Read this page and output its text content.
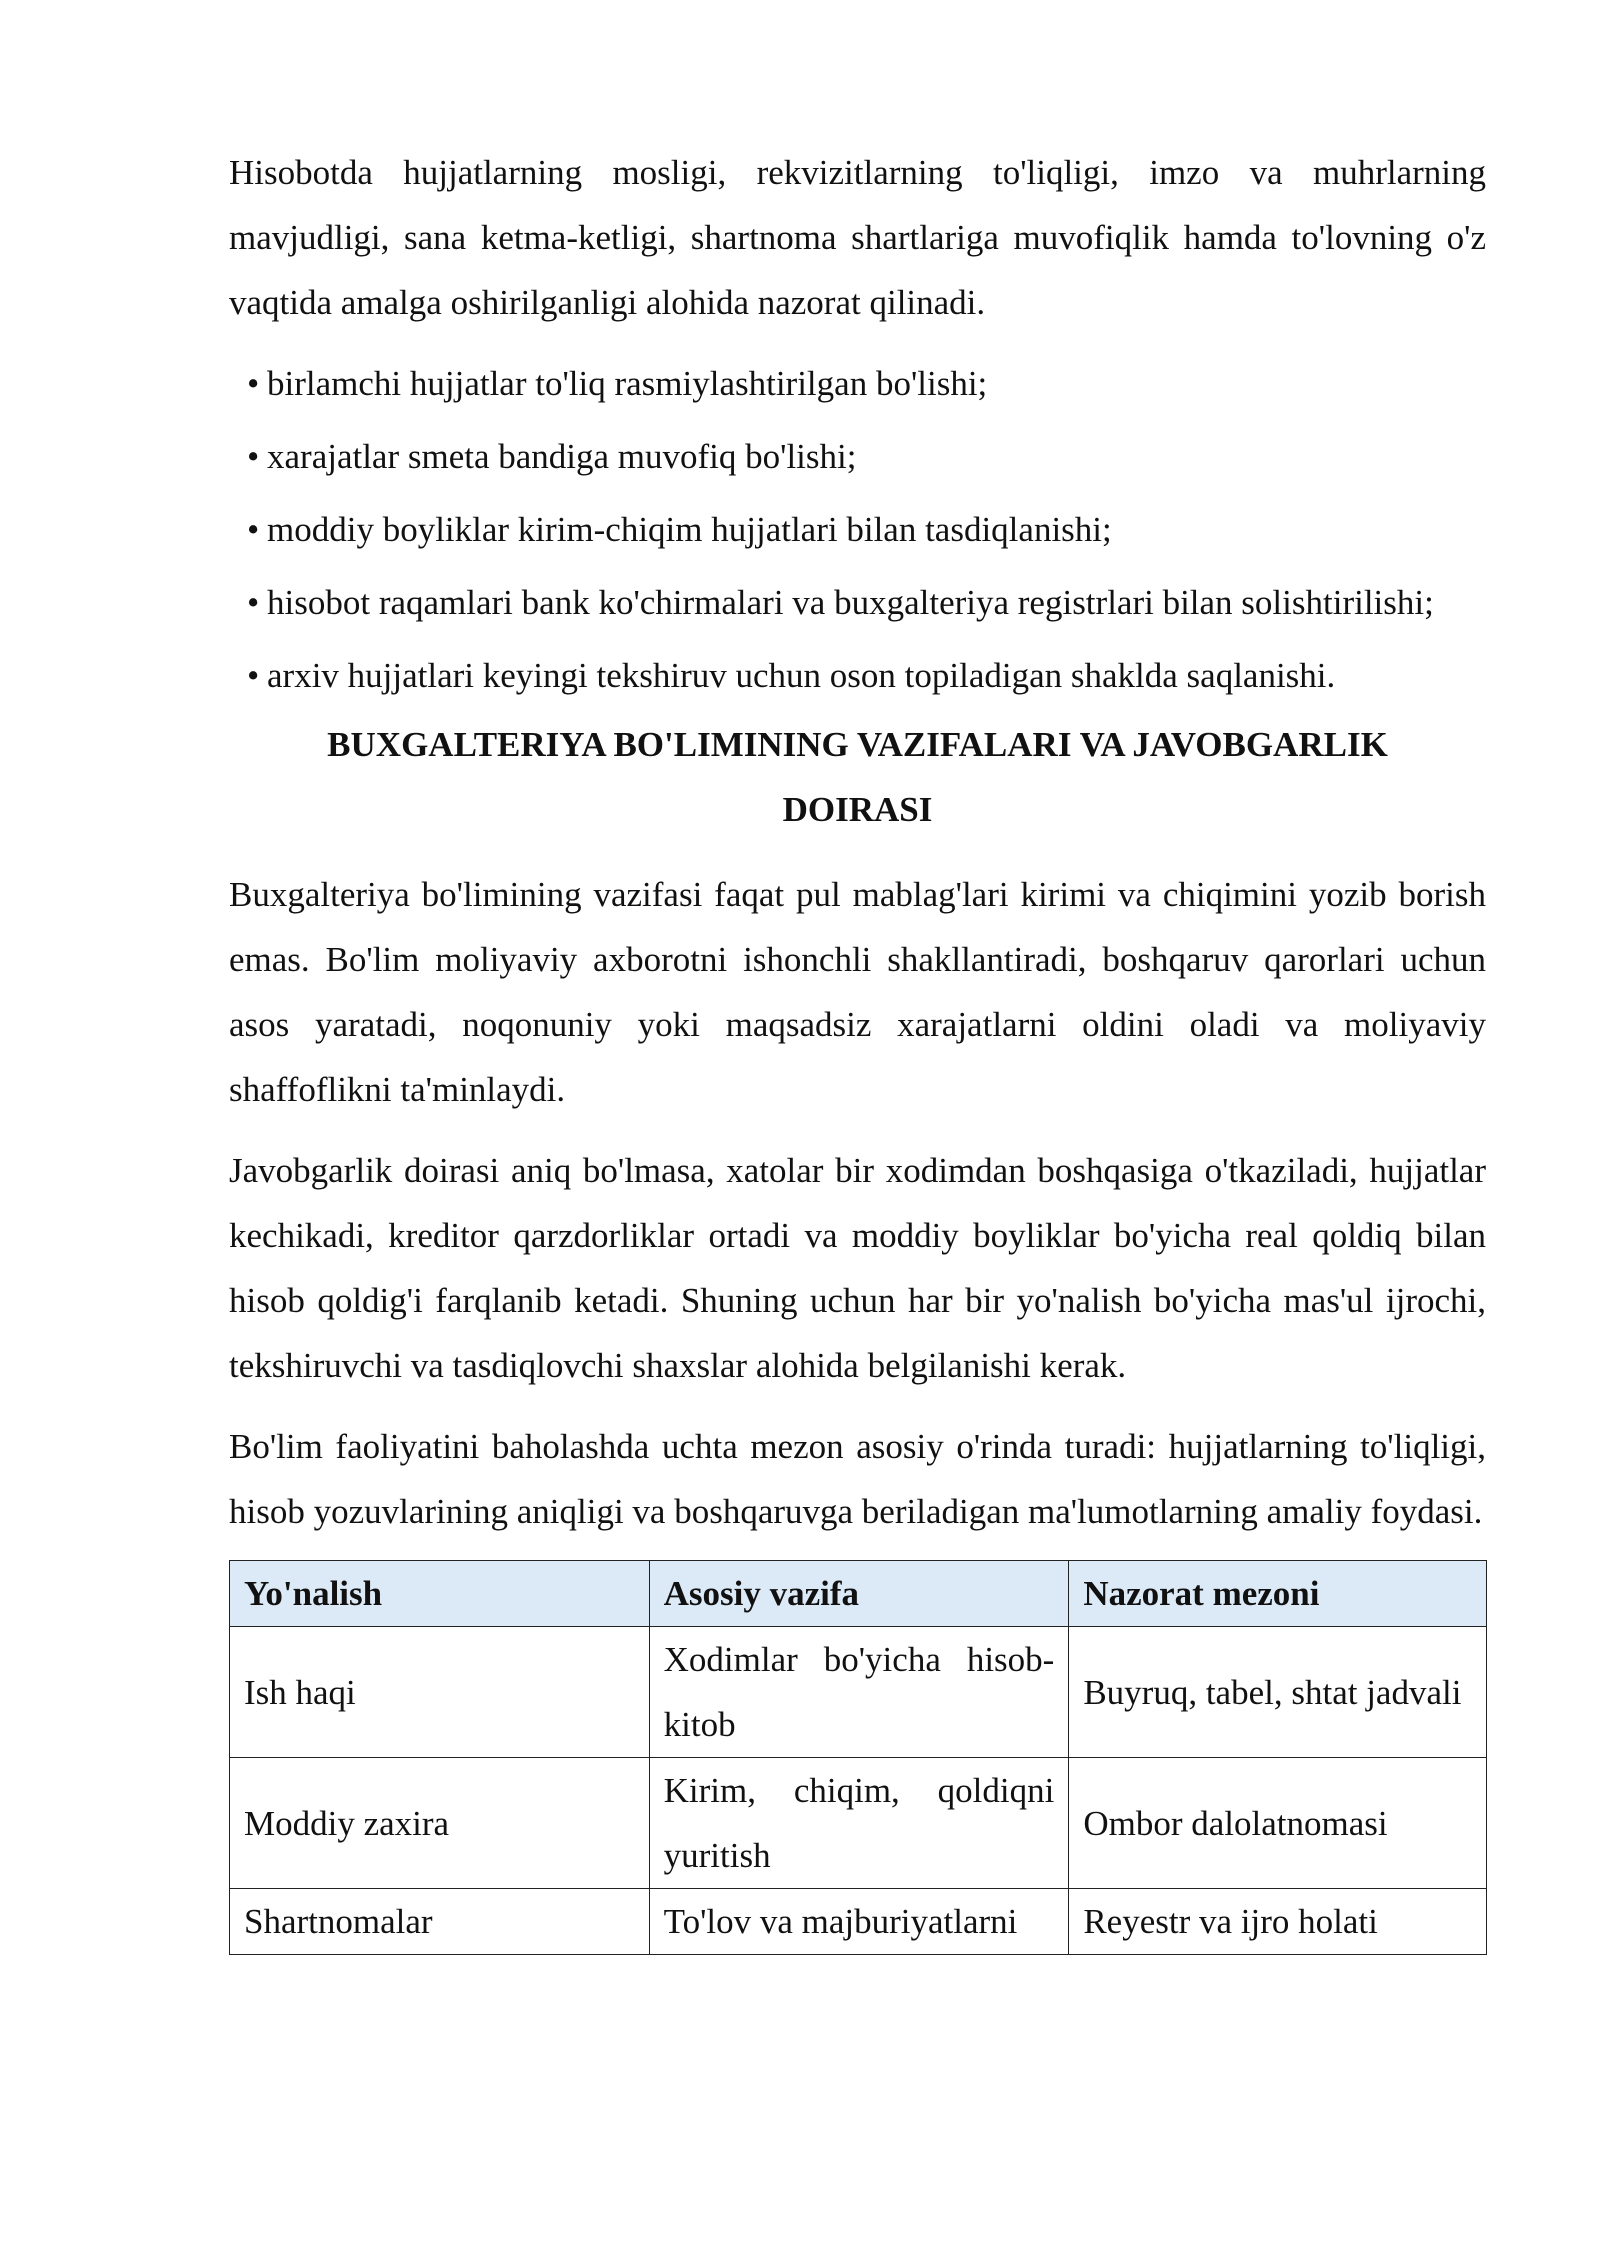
Hisobotda hujjatlarning mosligi, rekvizitlarning to'liqligi, imzo va muhrlarning mavjudligi, sana ketma-ketligi, shartnoma shartlariga muvofiqlik hamda to'lovning o'z vaqtida amalga oshirilganligi alohida nazorat qilinadi.

• birlamchi hujjatlar to'liq rasmiylashtirilgan bo'lishi;
• xarajatlar smeta bandiga muvofiq bo'lishi;
• moddiy boyliklar kirim-chiqim hujjatlari bilan tasdiqlanishi;
• hisobot raqamlari bank ko'chirmalari va buxgalteriya registrlari bilan solishtirilishi;
• arxiv hujjatlari keyingi tekshiruv uchun oson topiladigan shaklda saqlanishi.
BUXGALTERIYA BO'LIMINING VAZIFALARI VA JAVOBGARLIK DOIRASI

Buxgalteriya bo'limining vazifasi faqat pul mablag'lari kirimi va chiqimini yozib borish emas. Bo'lim moliyaviy axborotni ishonchli shakllantiradi, boshqaruv qarorlari uchun asos yaratadi, noqonuniy yoki maqsadsiz xarajatlarni oldini oladi va moliyaviy shaffoflikni ta'minlaydi.

Javobgarlik doirasi aniq bo'lmasa, xatolar bir xodimdan boshqasiga o'tkaziladi, hujjatlar kechikadi, kreditor qarzdorliklar ortadi va moddiy boyliklar bo'yicha real qoldiq bilan hisob qoldig'i farqlanib ketadi. Shuning uchun har bir yo'nalish bo'yicha mas'ul ijrochi, tekshiruvchi va tasdiqlovchi shaxslar alohida belgilanishi kerak.

Bo'lim faoliyatini baholashda uchta mezon asosiy o'rinda turadi: hujjatlarning to'liqligi, hisob yozuvlarining aniqligi va boshqaruvga beriladigan ma'lumotlarning amaliy foydasi.

Yo'nalish	Asosiy vazifa	Nazorat mezoni
Ish haqi	Xodimlar bo'yicha hisob-kitob	Buyruq, tabel, shtat jadvali
Moddiy zaxira	Kirim, chiqim, qoldiqni yuritish	Ombor dalolatnomasi
Shartnomalar	To'lov va majburiyatlarni	Reyestr va ijro holati
